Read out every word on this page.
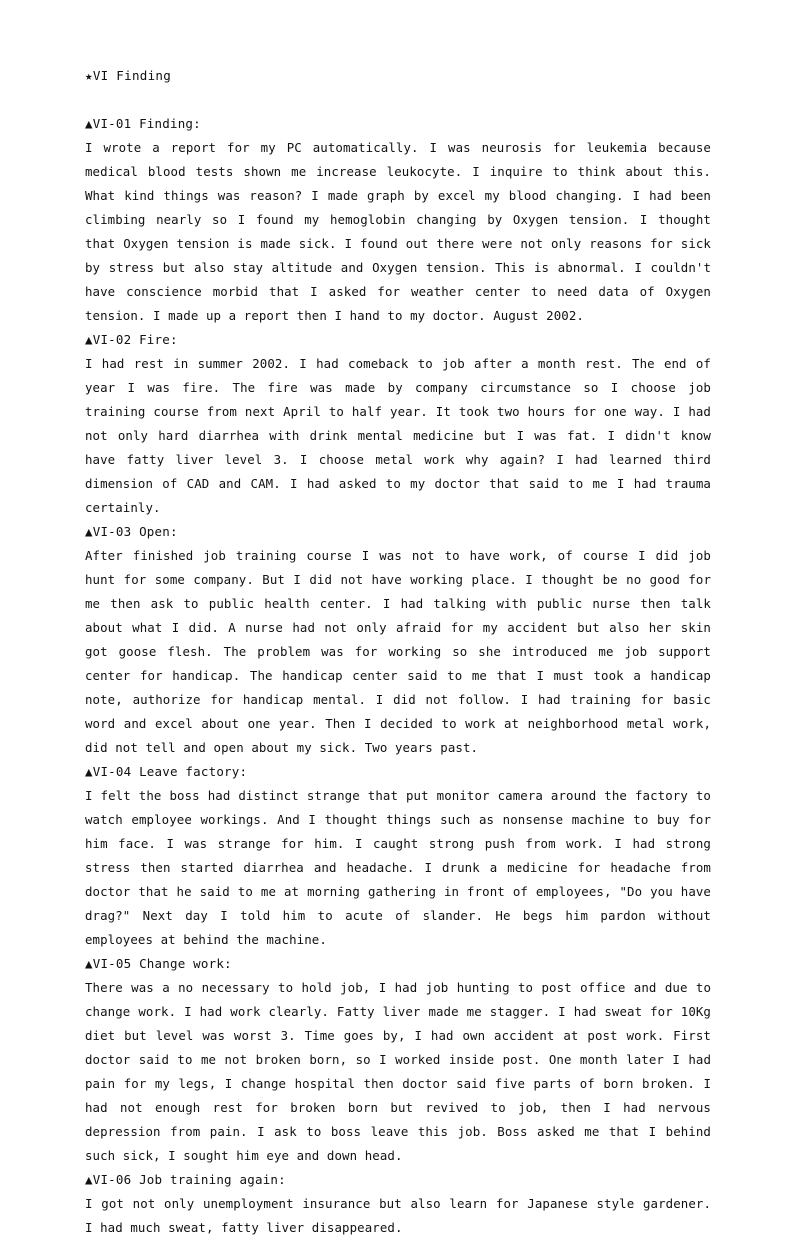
★VI Finding

▲VI-01 Finding:

I wrote a report for my PC automatically. I was neurosis for leukemia because medical blood tests shown me increase leukocyte. I inquire to think about this. What kind things was reason? I made graph by excel my blood changing. I had been climbing nearly so I found my hemoglobin changing by Oxygen tension. I thought that Oxygen tension is made sick. I found out there were not only reasons for sick by stress but also stay altitude and Oxygen tension. This is abnormal. I couldn't have conscience morbid that I asked for weather center to need data of Oxygen tension. I made up a report then I hand to my doctor. August 2002.

▲VI-02 Fire:

I had rest in summer 2002. I had comeback to job after a month rest. The end of year I was fire. The fire was made by company circumstance so I choose job training course from next April to half year. It took two hours for one way. I had not only hard diarrhea with drink mental medicine but I was fat. I didn't know have fatty liver level 3. I choose metal work why again? I had learned third dimension of CAD and CAM. I had asked to my doctor that said to me I had trauma certainly.

▲VI-03 Open:

After finished job training course I was not to have work, of course I did job hunt for some company. But I did not have working place. I thought be no good for me then ask to public health center. I had talking with public nurse then talk about what I did. A nurse had not only afraid for my accident but also her skin got goose flesh. The problem was for working so she introduced me job support center for handicap. The handicap center said to me that I must took a handicap note, authorize for handicap mental. I did not follow. I had training for basic word and excel about one year. Then I decided to work at neighborhood metal work, did not tell and open about my sick. Two years past.

▲VI-04 Leave factory:

I felt the boss had distinct strange that put monitor camera around the factory to watch employee workings. And I thought things such as nonsense machine to buy for him face. I was strange for him. I caught strong push from work. I had strong stress then started diarrhea and headache. I drunk a medicine for headache from doctor that he said to me at morning gathering in front of employees, "Do you have drag?" Next day I told him to acute of slander. He begs him pardon without employees at behind the machine.

▲VI-05 Change work:

There was a no necessary to hold job, I had job hunting to post office and due to change work. I had work clearly. Fatty liver made me stagger. I had sweat for 10Kg diet but level was worst 3. Time goes by, I had own accident at post work. First doctor said to me not broken born, so I worked inside post. One month later I had pain for my legs, I change hospital then doctor said five parts of born broken. I had not enough rest for broken born but revived to job, then I had nervous depression from pain. I ask to boss leave this job. Boss asked me that I behind such sick, I sought him eye and down head.

▲VI-06 Job training again:

I got not only unemployment insurance but also learn for Japanese style gardener. I had much sweat, fatty liver disappeared.
